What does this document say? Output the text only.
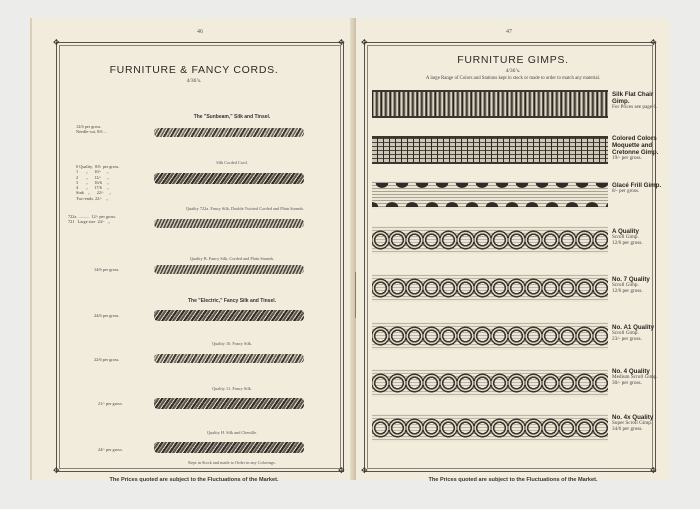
46
✥	✥
✥	✥
FURNITURE & FANCY CORDS.
4/36’s.
The "Sunbeam," Silk and Tinsel.
12/6 per gross.
Needle-cut, 8/6 ...
Silk Corded Cord.
0 Quality,  8/6  per gross.
1       ,,      10/-     ,,
2       ,,      12/-     ,,
3       ,,      16/6     ,,
4       ,,      17/6     ,,
Sink    ,,      22/-     ,,
Two-ends, 22/-    ,,
Quality 722a. Fancy Silk, Double Twisted Corded and Plain Strands.
722a  ..........  12/- per gross.
721   Large size  24/-   ,,
Quality B. Fancy Silk, Corded and Plain Strands.
14/6 per gross.
The "Electric," Fancy Silk and Tinsel.
24/6 per gross.
Quality 10. Fancy Silk.
22/6 per gross.
Quality 11. Fancy Silk.
21/- per gross.
Quality H. Silk and Chenille.
24/- per gross.
Kept in Stock and made to Order in any Colorings.
The Prices quoted are subject to the Fluctuations of the Market.
47
✥	✥
✥	✥
FURNITURE GIMPS.
4/36’s.
A large Range of Colors and Stations kept in stock or made to order to match any material.
Silk Flat Chair Gimp.
For Prices see page 6.
Colored Colors Moquette and Cretonne Gimp.
19/- per gross.
Glacé Frill Gimp.
8/- per gross.
A Quality
Scroll Gimp.
12/6 per gross.
No. 7 Quality
Scroll Gimp.
12/6 per gross.
No. A1 Quality
Scroll Gimp.
23/- per gross.
No. 4 Quality
Medium Scroll Gimp.
30/- per gross.
No. 4x Quality
Super Scroll Gimp.
34/6 per gross.
The Prices quoted are subject to the Fluctuations of the Market.
